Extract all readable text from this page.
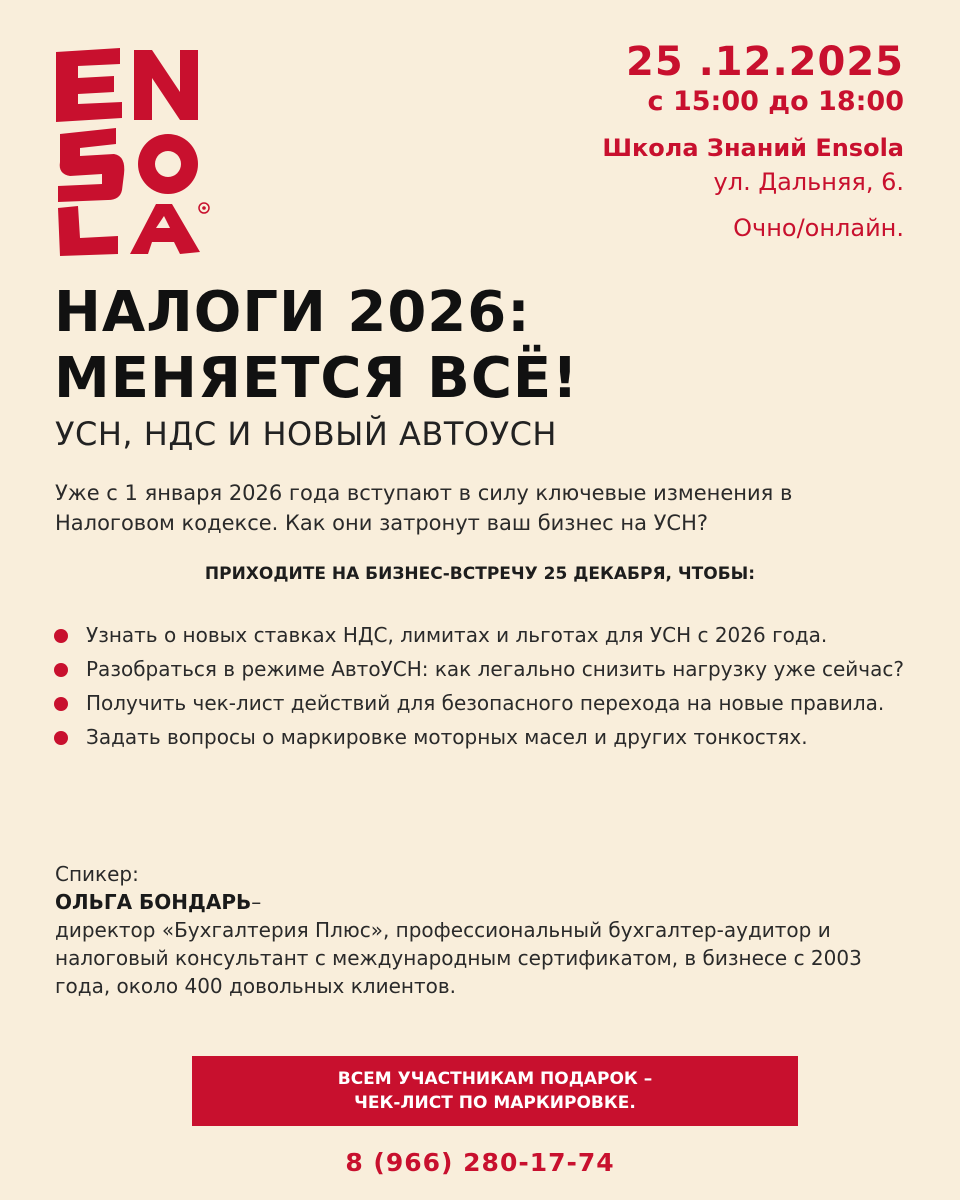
25 .12.2025
с 15:00 до 18:00
Школа Знаний Ensola
ул. Дальняя, 6.
Очно/онлайн.
НАЛОГИ 2026:
МЕНЯЕТСЯ ВСЁ!
УСН, НДС И НОВЫЙ АВТОУСН
Уже с 1 января 2026 года вступают в силу ключевые изменения в Налоговом кодексе. Как они затронут ваш бизнес на УСН?
ПРИХОДИТЕ НА БИЗНЕС-ВСТРЕЧУ 25 ДЕКАБРЯ, ЧТОБЫ:
Узнать о новых ставках НДС, лимитах и льготах для УСН с 2026 года.
Разобраться в режиме АвтоУСН: как легально снизить нагрузку уже сейчас?
Получить чек-лист действий для безопасного перехода на новые правила.
Задать вопросы о маркировке моторных масел и других тонкостях.
Спикер:
ОЛЬГА БОНДАРЬ–
директор «Бухгалтерия Плюс», профессиональный бухгалтер-аудитор и налоговый консультант с международным сертификатом, в бизнесе с 2003 года, около 400 довольных клиентов.
ВСЕМ УЧАСТНИКАМ ПОДАРОК –
ЧЕК-ЛИСТ ПО МАРКИРОВКЕ.
8 (966) 280-17-74
